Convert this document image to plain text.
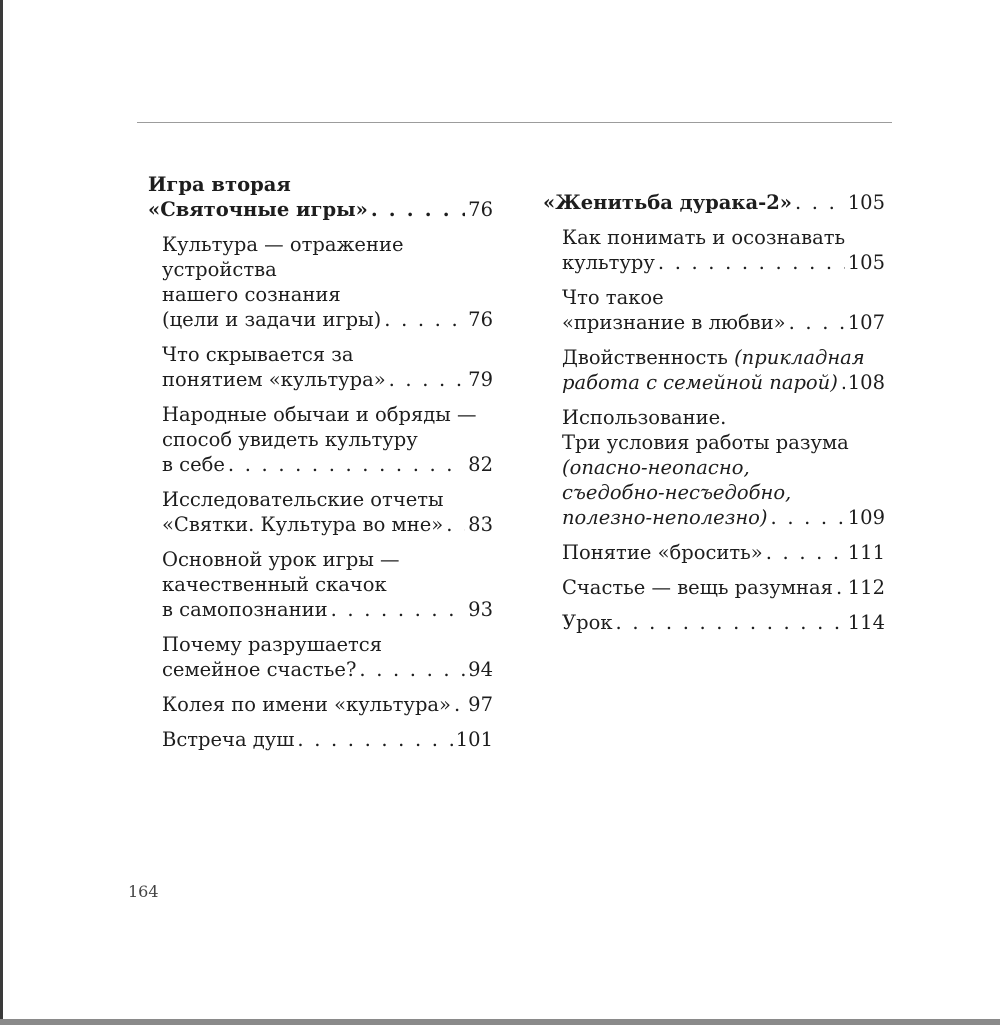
Игра вторая
«Святочные игры» . . .	76
Культура — отражение устройства
нашего сознания
(цели и задачи игры) . . .	76
Что скрывается за
понятием «культура» . . .	79
Народные обычаи и обряды —
способ увидеть культуру
в себе . . .	82
Исследовательские отчеты
«Святки. Культура во мне» . . . 83
Основной урок игры —
качественный скачок
в самопознании . . .	93
Почему разрушается
семейное счастье? . . .	94
Колея по имени «культура» . . . 97
Встреча душ . . .	101
«Женитьба дурака-2» . . .	105
Как понимать и осознавать
культуру . . .	105
Что такое
«признание в любви» . . .	107
Двойственность (прикладная
работа с семейной парой) . . . 108
Использование.
Три условия работы разума
(опасно-неопасно,
съедобно-несъедобно,
полезно-неполезно) . . .	109
Понятие «бросить» . . .	111
Счастье — вещь разумная . . . 112
Урок . . .	114
164
